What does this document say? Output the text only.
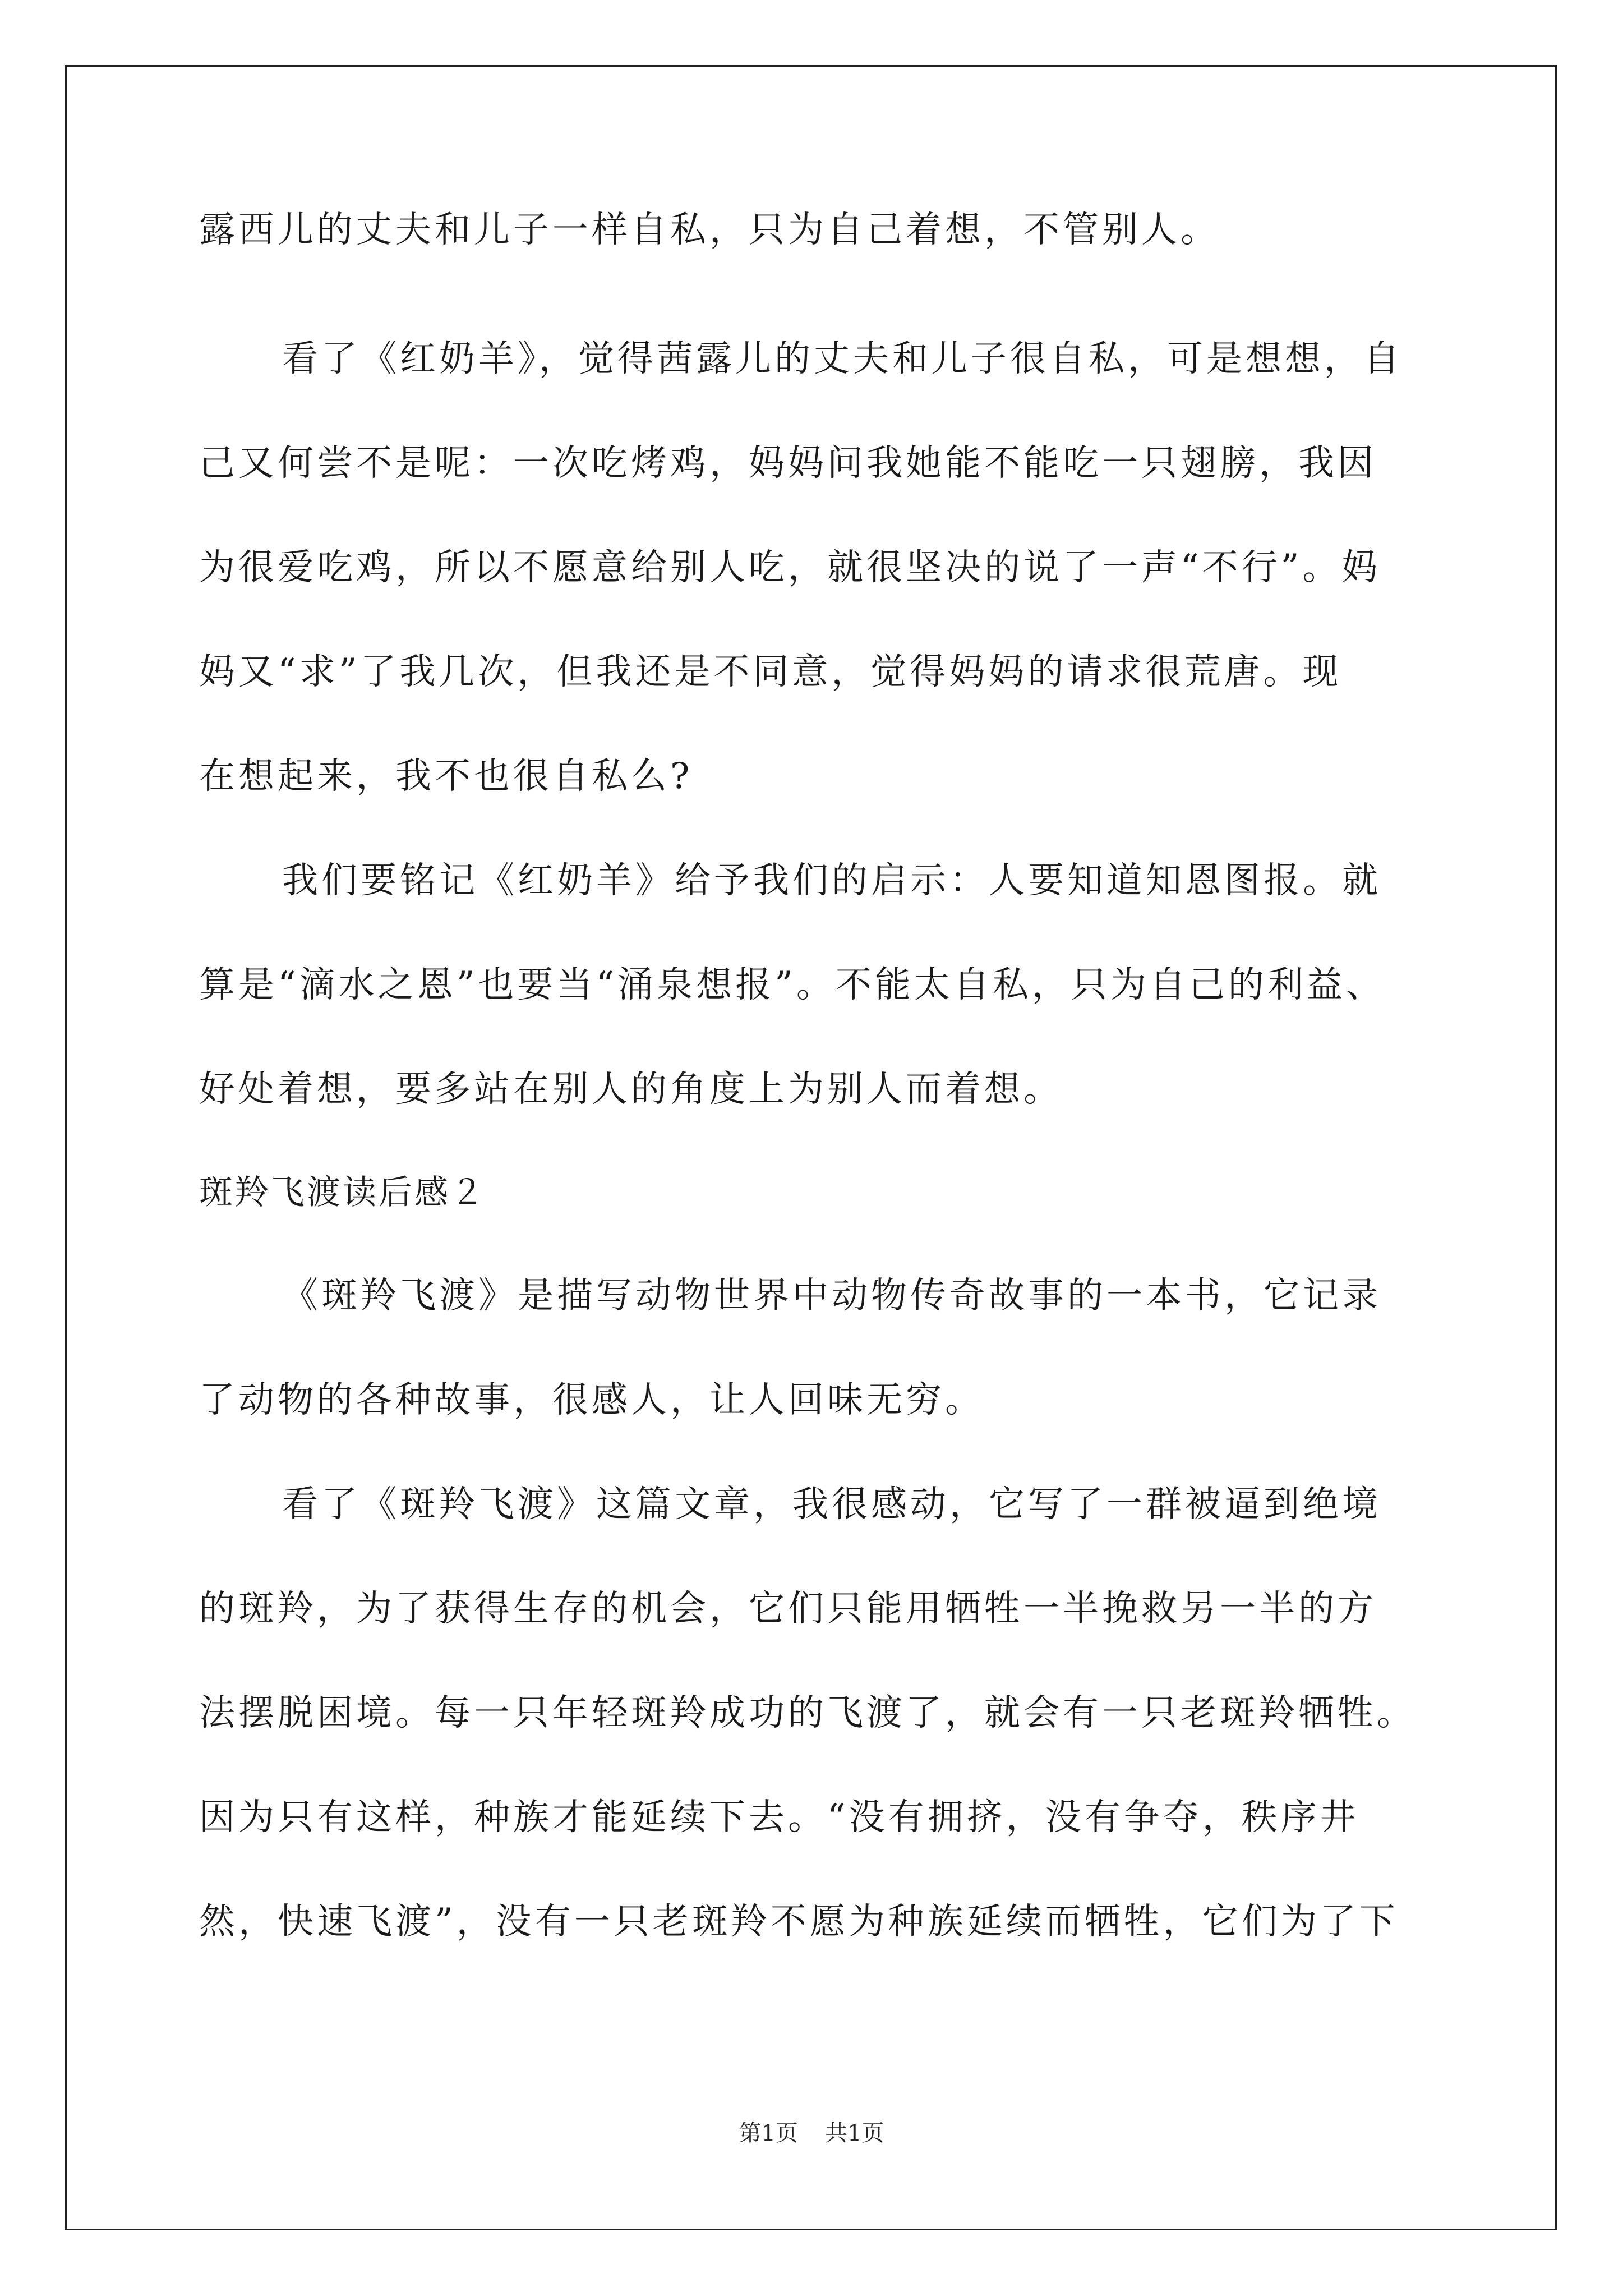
露西儿的丈夫和儿子一样自私，只为自己着想，不管别人。
看了《红奶羊》，觉得茜露儿的丈夫和儿子很自私，可是想想，自
己又何尝不是呢：一次吃烤鸡，妈妈问我她能不能吃一只翅膀，我因
为很爱吃鸡，所以不愿意给别人吃，就很坚决的说了一声“不行”。妈
妈又“求”了我几次，但我还是不同意，觉得妈妈的请求很荒唐。现
在想起来，我不也很自私么?
我们要铭记《红奶羊》给予我们的启示：人要知道知恩图报。就
算是“滴水之恩”也要当“涌泉想报”。不能太自私，只为自己的利益、
好处着想，要多站在别人的角度上为别人而着想。
斑羚飞渡读后感２
《斑羚飞渡》是描写动物世界中动物传奇故事的一本书，它记录
了动物的各种故事，很感人，让人回味无穷。
看了《斑羚飞渡》这篇文章，我很感动，它写了一群被逼到绝境
的斑羚，为了获得生存的机会，它们只能用牺牲一半挽救另一半的方
法摆脱困境。每一只年轻斑羚成功的飞渡了，就会有一只老斑羚牺牲。
因为只有这样，种族才能延续下去。“没有拥挤，没有争夺，秩序井
然，快速飞渡”，没有一只老斑羚不愿为种族延续而牺牲，它们为了下
第1页 共1页
